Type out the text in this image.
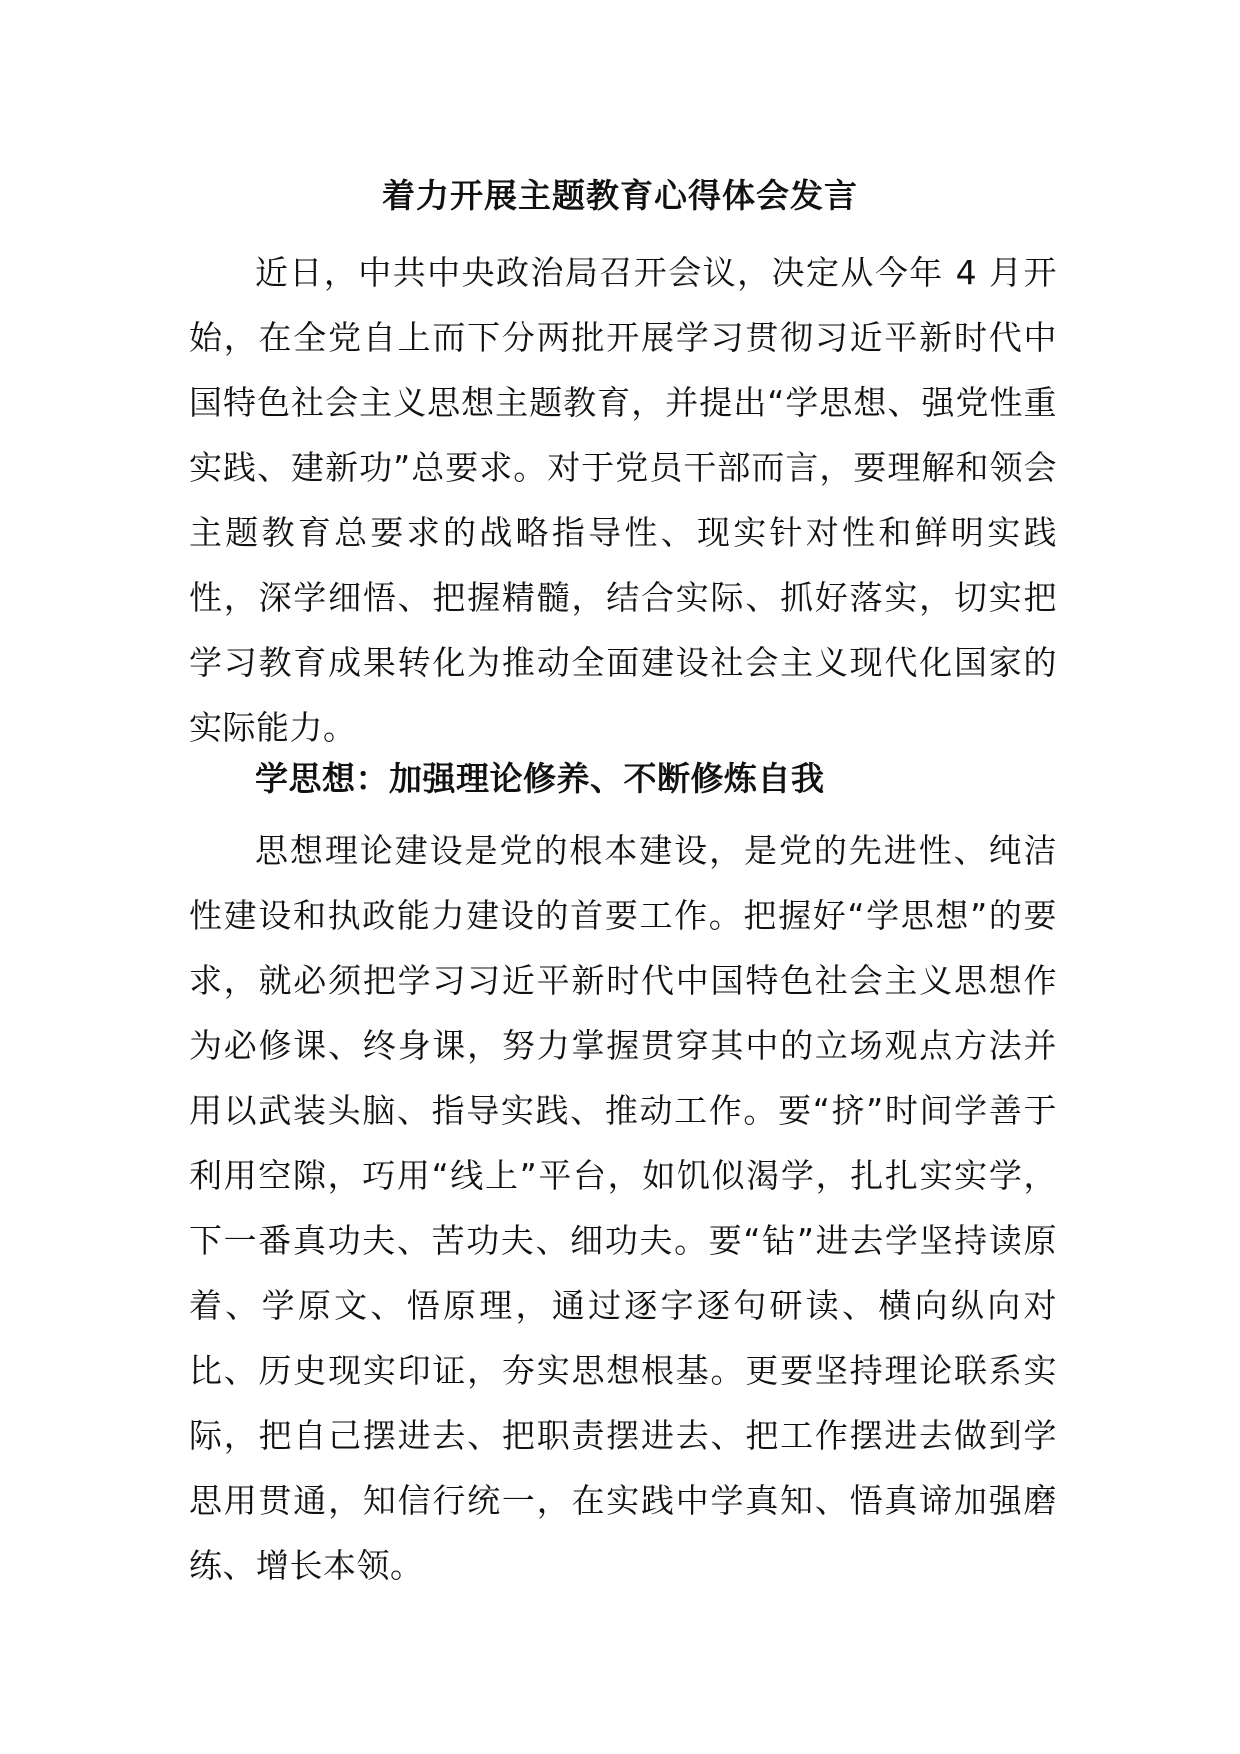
着力开展主题教育心得体会发言

近日，中共中央政治局召开会议，决定从今年 4 月开始，在全党自上而下分两批开展学习贯彻习近平新时代中国特色社会主义思想主题教育，并提出“学思想、强党性重实践、建新功”总要求。对于党员干部而言，要理解和领会主题教育总要求的战略指导性、现实针对性和鲜明实践性，深学细悟、把握精髓，结合实际、抓好落实，切实把学习教育成果转化为推动全面建设社会主义现代化国家的实际能力。

学思想：加强理论修养、不断修炼自我

思想理论建设是党的根本建设，是党的先进性、纯洁性建设和执政能力建设的首要工作。把握好“学思想”的要求，就必须把学习习近平新时代中国特色社会主义思想作为必修课、终身课，努力掌握贯穿其中的立场观点方法并用以武装头脑、指导实践、推动工作。要“挤”时间学善于利用空隙，巧用“线上”平台，如饥似渴学，扎扎实实学，下一番真功夫、苦功夫、细功夫。要“钻”进去学坚持读原着、学原文、悟原理，通过逐字逐句研读、横向纵向对比、历史现实印证，夯实思想根基。更要坚持理论联系实际，把自己摆进去、把职责摆进去、把工作摆进去做到学思用贯通，知信行统一，在实践中学真知、悟真谛加强磨练、增长本领。
